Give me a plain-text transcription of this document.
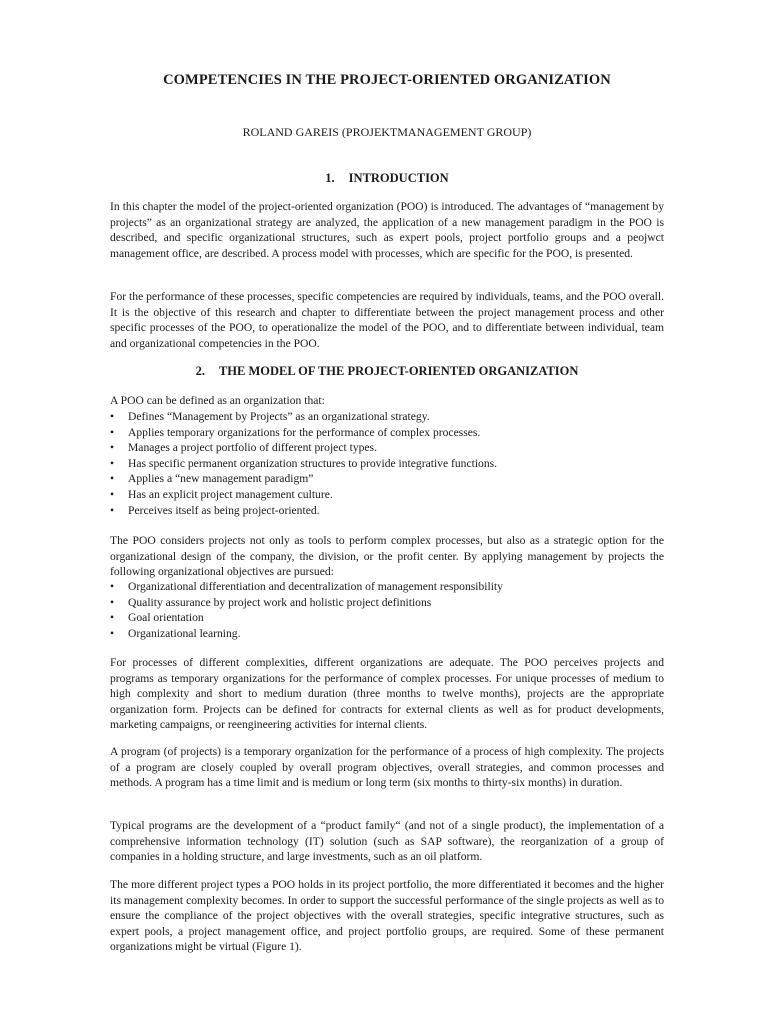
COMPETENCIES IN THE PROJECT-ORIENTED ORGANIZATION
ROLAND GAREIS (PROJEKTMANAGEMENT GROUP)
1. INTRODUCTION

In this chapter the model of the project-oriented organization (POO) is introduced. The advantages of “management by projects” as an organizational strategy are analyzed, the application of a new management paradigm in the POO is described, and specific organizational structures, such as expert pools, project portfolio groups and a peojwct management office, are described. A process model with processes, which are specific for the POO, is presented.

For the performance of these processes, specific competencies are required by individuals, teams, and the POO overall. It is the objective of this research and chapter to differentiate between the project management process and other specific processes of the POO, to operationalize the model of the POO, and to differentiate between individual, team and organizational competencies in the POO.

2. THE MODEL OF THE PROJECT-ORIENTED ORGANIZATION

A POO can be defined as an organization that:

•	Defines “Management by Projects” as an organizational strategy.
•	Applies temporary organizations for the performance of complex processes.
•	Manages a project portfolio of different project types.
•	Has specific permanent organization structures to provide integrative functions.
•	Applies a “new management paradigm”
•	Has an explicit project management culture.
•	Perceives itself as being project-oriented.

The POO considers projects not only as tools to perform complex processes, but also as a strategic option for the organizational design of the company, the division, or the profit center. By applying management by projects the following organizational objectives are pursued:

•	Organizational differentiation and decentralization of management responsibility
•	Quality assurance by project work and holistic project definitions
•	Goal orientation
•	Organizational learning.

For processes of different complexities, different organizations are adequate. The POO perceives projects and programs as temporary organizations for the performance of complex processes. For unique processes of medium to high complexity and short to medium duration (three months to twelve months), projects are the appropriate organization form. Projects can be defined for contracts for external clients as well as for product developments, marketing campaigns, or reengineering activities for internal clients.

A program (of projects) is a temporary organization for the performance of a process of high complexity. The projects of a program are closely coupled by overall program objectives, overall strategies, and common processes and methods. A program has a time limit and is medium or long term (six months to thirty-six months) in duration.

Typical programs are the development of a “product family“ (and not of a single product), the implementation of a comprehensive information technology (IT) solution (such as SAP software), the reorganization of a group of companies in a holding structure, and large investments, such as an oil platform.

The more different project types a POO holds in its project portfolio, the more differentiated it becomes and the higher its management complexity becomes. In order to support the successful performance of the single projects as well as to ensure the compliance of the project objectives with the overall strategies, specific integrative structures, such as expert pools, a project management office, and project portfolio groups, are required. Some of these permanent organizations might be virtual (Figure 1).
